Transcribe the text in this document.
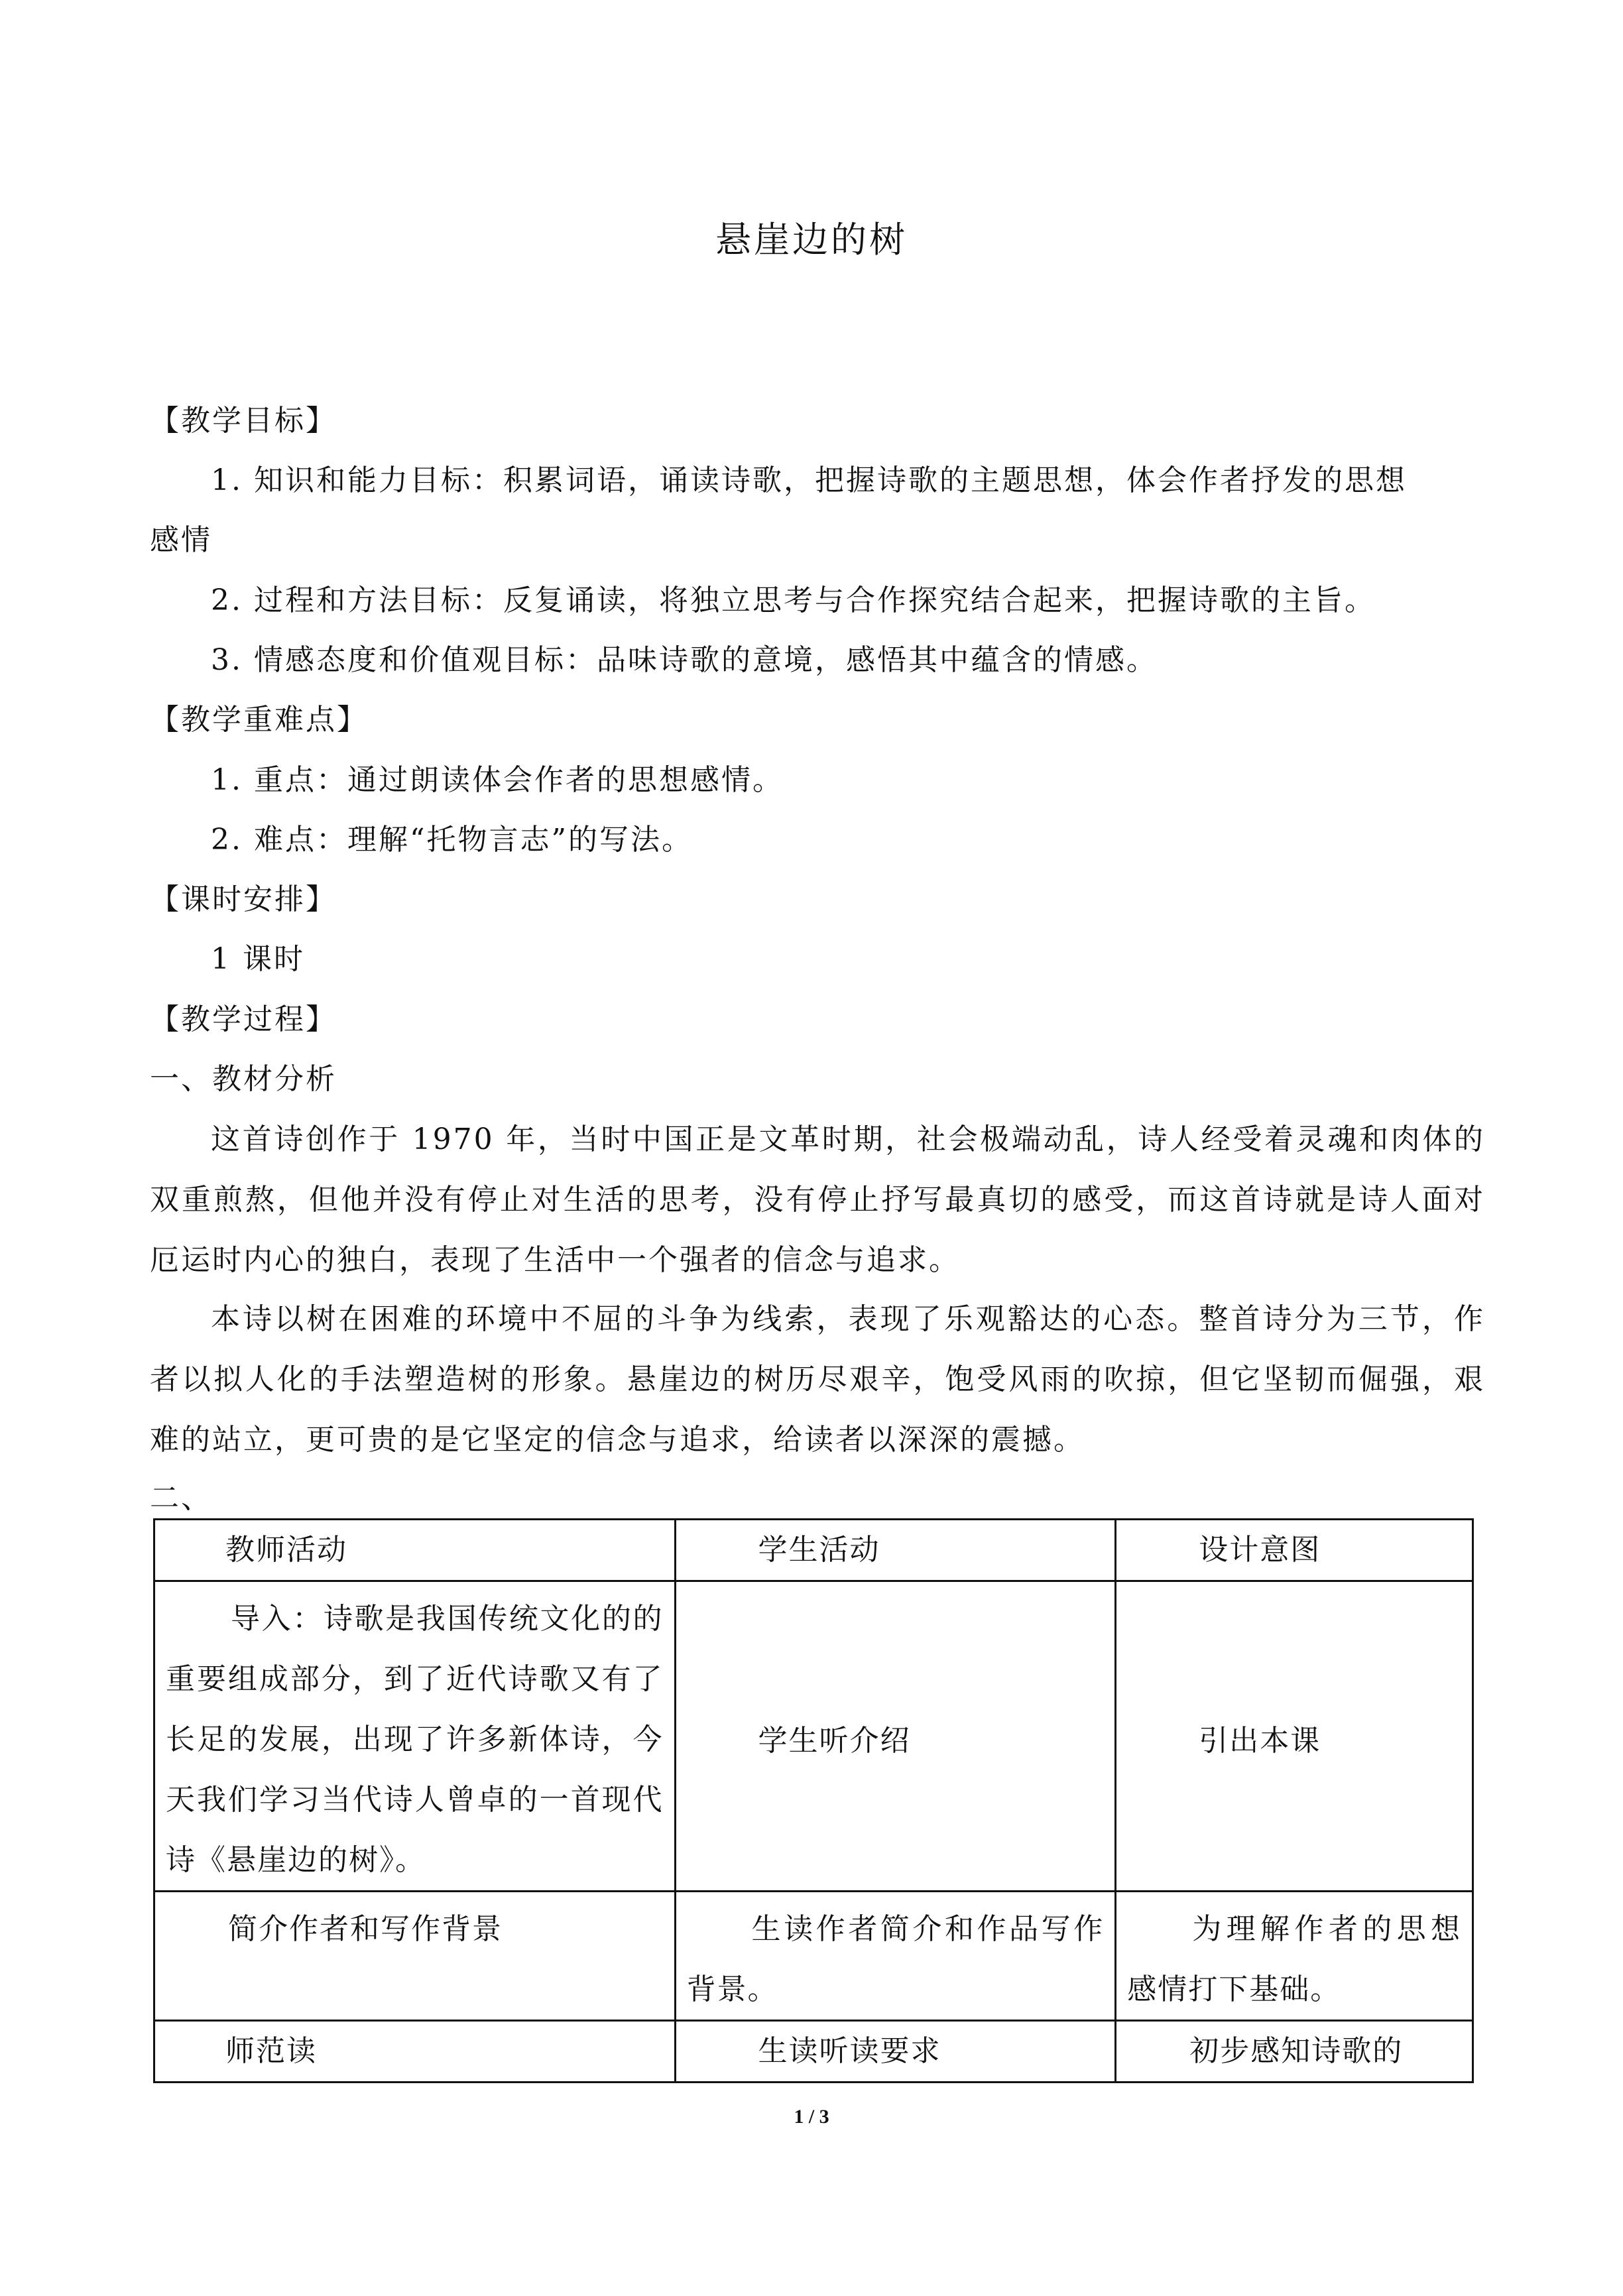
悬崖边的树
【教学目标】
1. 知识和能力目标：积累词语，诵读诗歌，把握诗歌的主题思想，体会作者抒发的思想
感情
2. 过程和方法目标：反复诵读，将独立思考与合作探究结合起来，把握诗歌的主旨。
3. 情感态度和价值观目标：品味诗歌的意境，感悟其中蕴含的情感。
【教学重难点】
1. 重点：通过朗读体会作者的思想感情。
2. 难点：理解“托物言志”的写法。
【课时安排】
1 课时
【教学过程】
一、教材分析
这首诗创作于 1970 年，当时中国正是文革时期，社会极端动乱，诗人经受着灵魂和肉体的双重煎熬，但他并没有停止对生活的思考，没有停止抒写最真切的感受，而这首诗就是诗人面对厄运时内心的独白，表现了生活中一个强者的信念与追求。
本诗以树在困难的环境中不屈的斗争为线索，表现了乐观豁达的心态。整首诗分为三节，作者以拟人化的手法塑造树的形象。悬崖边的树历尽艰辛，饱受风雨的吹掠，但它坚韧而倔强，艰难的站立，更可贵的是它坚定的信念与追求，给读者以深深的震撼。
二、
教师活动	学生活动	设计意图

导入：诗歌是我国传统文化的的重要组成部分，到了近代诗歌又有了长足的发展，出现了许多新体诗，今天我们学习当代诗人曾卓的一首现代诗《悬崖边的树》。	学生听介绍	引出本课

简介作者和写作背景	生读作者简介和作品写作背景。	为理解作者的思想感情打下基础。

师范读	生读听读要求	初步感知诗歌的
1 / 3
